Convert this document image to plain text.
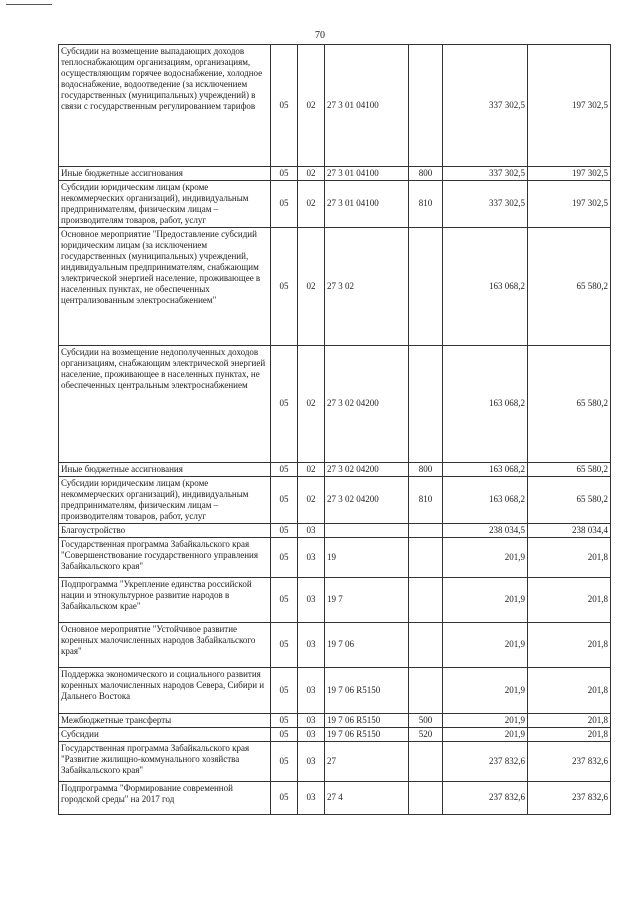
70
Субсидии на возмещение выпадающих доходов теплоснабжающим организациям, организациям, осуществляющим горячее водоснабжение, холодное водоснабжение, водоотведение (за исключением государственных (муниципальных) учреждений) в связи с государственным регулированием тарифов	05	02	27 3 01 04100		337 302,5	197 302,5
Иные бюджетные ассигнования	05	02	27 3 01 04100	800	337 302,5	197 302,5
Субсидии юридическим лицам (кроме некоммерческих организаций), индивидуальным предпринимателям, физическим лицам – производителям товаров, работ, услуг	05	02	27 3 01 04100	810	337 302,5	197 302,5
Основное мероприятие "Предоставление субсидий юридическим лицам (за исключением государственных (муниципальных) учреждений, индивидуальным предпринимателям, снабжающим электрической энергией население, проживающее в населенных пунктах, не обеспеченных централизованным электроснабжением"	05	02	27 3 02		163 068,2	65 580,2
Субсидии на возмещение недополученных доходов организациям, снабжающим электрической энергией население, проживающее в населенных пунктах, не обеспеченных центральным электроснабжением	05	02	27 3 02 04200		163 068,2	65 580,2
Иные бюджетные ассигнования	05	02	27 3 02 04200	800	163 068,2	65 580,2
Субсидии юридическим лицам (кроме некоммерческих организаций), индивидуальным предпринимателям, физическим лицам – производителям товаров, работ, услуг	05	02	27 3 02 04200	810	163 068,2	65 580,2
Благоустройство	05	03			238 034,5	238 034,4
Государственная программа Забайкальского края "Совершенствование государственного управления Забайкальского края"	05	03	19		201,9	201,8
Подпрограмма "Укрепление единства российской нации и этнокультурное развитие народов в Забайкальском крае"	05	03	19 7		201,9	201,8
Основное мероприятие "Устойчивое развитие коренных малочисленных народов Забайкальского края"	05	03	19 7 06		201,9	201,8
Поддержка экономического и социального развития коренных малочисленных народов Севера, Сибири и Дальнего Востока	05	03	19 7 06 R5150		201,9	201,8
Межбюджетные трансферты	05	03	19 7 06 R5150	500	201,9	201,8
Субсидии	05	03	19 7 06 R5150	520	201,9	201,8
Государственная программа Забайкальского края "Развитие жилищно-коммунального хозяйства Забайкальского края"	05	03	27		237 832,6	237 832,6
Подпрограмма "Формирование современной городской среды" на 2017 год	05	03	27 4		237 832,6	237 832,6
